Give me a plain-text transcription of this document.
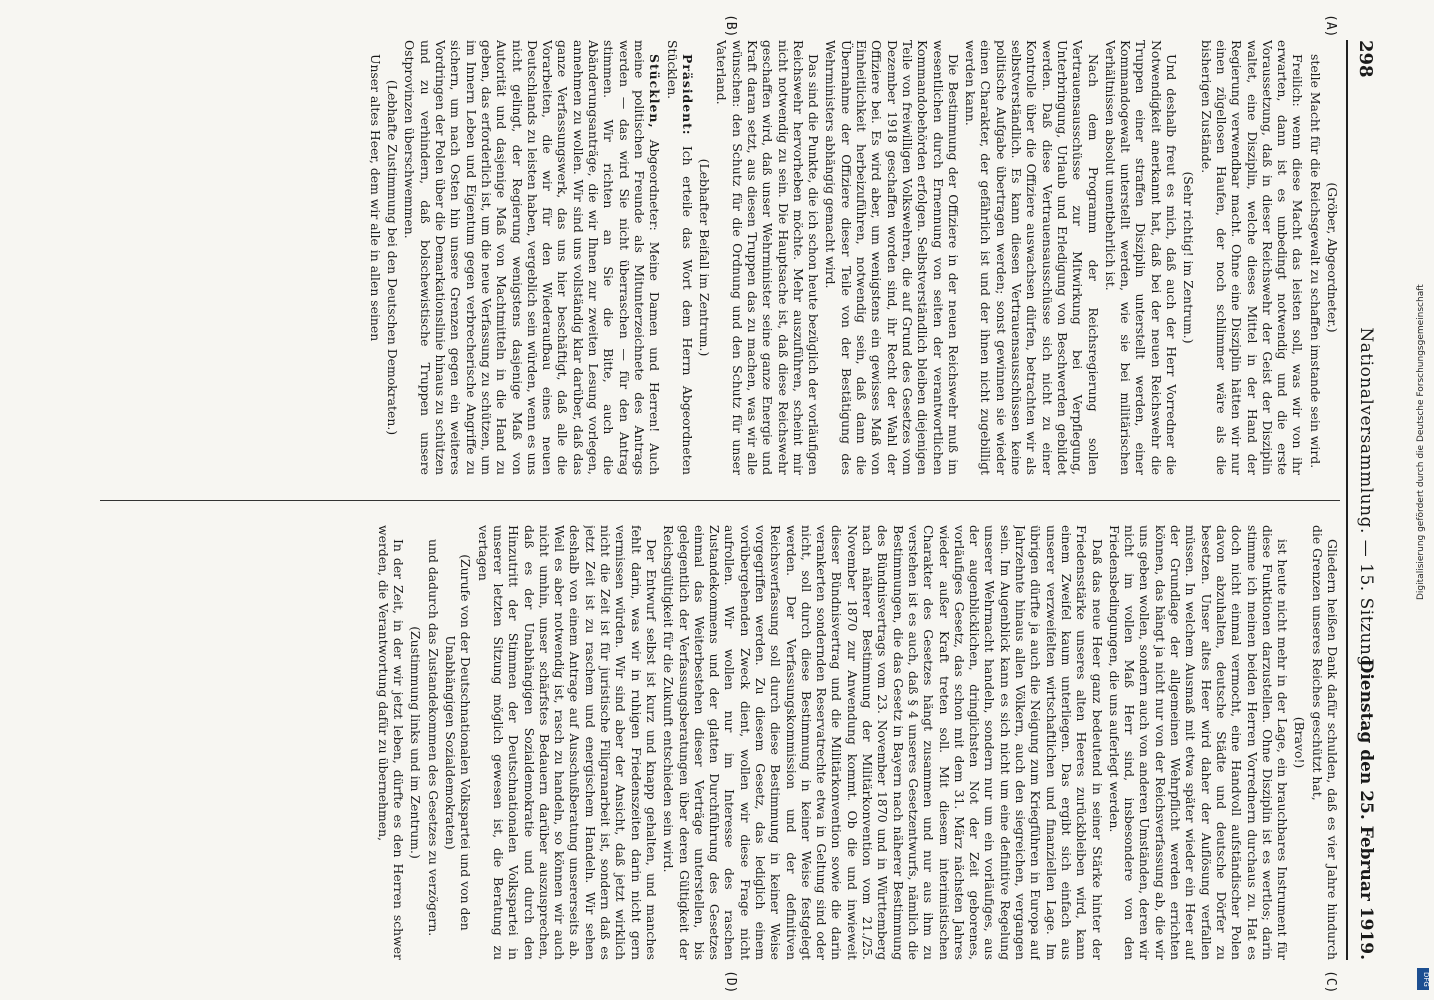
298
Nationalversammlung. — 15. Sitzung.
Dienstag den 25. Februar 1919.
(A)
(B)
(C)
(D)

(Gröber, Abgeordneter.)

stelle Macht für die Reichsgewalt zu schaffen imstande sein wird.

Freilich: wenn diese Macht das leisten soll, was wir von ihr erwarten, dann ist es unbedingt notwendig und die erste Voraussetzung, daß in dieser Reichswehr der Geist der Disziplin waltet, eine Disziplin, welche dieses Mittel in der Hand der Regierung verwendbar macht. Ohne eine Disziplin hätten wir nur einen zügellosen Haufen, der noch schlimmer wäre als die bisherigen Zustände.

(Sehr richtig! im Zentrum.)

Und deshalb freut es mich, daß auch der Herr Vorredner die Notwendigkeit anerkannt hat, daß bei der neuen Reichswehr die Truppen einer straffen Disziplin unterstellt werden, einer Kommandogewalt unterstellt werden, wie sie bei militärischen Verhältnissen absolut unentbehrlich ist.

Nach dem Programm der Reichsregierung sollen Vertrauensausschüsse zur Mitwirkung bei Verpflegung, Unterbringung, Urlaub und Erledigung von Beschwerden gebildet werden. Daß diese Vertrauensausschüsse sich nicht zu einer Kontrolle über die Offiziere auswachsen dürfen, betrachten wir als selbstverständlich. Es kann diesen Vertrauensausschüssen keine politische Aufgabe übertragen werden; sonst gewinnen sie wieder einen Charakter, der gefährlich ist und der ihnen nicht zugebilligt werden kann.

Die Bestimmung der Offiziere in der neuen Reichswehr muß im wesentlichen durch Ernennung von seiten der verantwortlichen Kommandobehörden erfolgen. Selbstverständlich bleiben diejenigen Teile von freiwilligen Volkswehren, die auf Grund des Gesetzes vom Dezember 1918 geschaffen worden sind, ihr Recht der Wahl der Offiziere bei. Es wird aber, um wenigstens ein gewisses Maß von Einheitlichkeit herbeizuführen, notwendig sein, daß dann die Übernahme der Offiziere dieser Teile von der Bestätigung des Wehrministers abhängig gemacht wird.

Das sind die Punkte, die ich schon heute bezüglich der vorläufigen Reichswehr hervorheben möchte. Mehr auszuführen, scheint mir nicht notwendig zu sein. Die Hauptsache ist, daß diese Reichswehr geschaffen wird, daß unser Wehrminister seine ganze Energie und Kraft daran setzt, aus diesen Truppen das zu machen, was wir alle wünschen: den Schutz für die Ordnung und den Schutz für unser Vaterland.

(Lebhafter Beifall im Zentrum.)

Präsident: Ich erteile das Wort dem Herrn Abgeordneten Stücklen.

Stücklen, Abgeordneter: Meine Damen und Herren! Auch meine politischen Freunde als Mitunterzeichnete des Antrags werden — das wird Sie nicht überraschen — für den Antrag stimmen. Wir richten an Sie die Bitte, auch die Abänderungsanträge, die wir Ihnen zur zweiten Lesung vorlegen, annehmen zu wollen. Wir sind uns vollständig klar darüber, daß das ganze Verfassungswerk, das uns hier beschäftigt, daß alle die Vorarbeiten, die wir für den Wiederaufbau eines neuen Deutschlands zu leisten haben, vergeblich sein würden, wenn es uns nicht gelingt, der Regierung wenigstens dasjenige Maß von Autorität und dasjenige Maß von Machtmitteln in die Hand zu geben, das erforderlich ist, um die neue Verfassung zu schützen, um im Innern Leben und Eigentum gegen verbrecherische Angriffe zu sichern, um nach Osten hin unsere Grenzen gegen ein weiteres Vordringen der Polen über die Demarkationslinie hinaus zu schützen und zu verhindern, daß bolschewistische Truppen unsere Ostprovinzen überschwemmen.

(Lebhafte Zustimmung bei den Deutschen Demokraten.)

Unser altes Heer, dem wir alle in allen seinen

Gliedern heißen Dank dafür schulden, daß es vier Jahre hindurch die Grenzen unseres Reiches geschützt hat,

(Bravo!)

ist heute nicht mehr in der Lage, ein brauchbares Instrument für diese Funktionen darzustellen. Ohne Disziplin ist es wertlos; darin stimme ich meinen beiden Herren Vorrednern durchaus zu. Hat es doch nicht einmal vermocht, eine Handvoll aufständischer Polen davon abzuhalten, deutsche Städte und deutsche Dörfer zu besetzen. Unser altes Heer wird daher der Auflösung verfallen müssen. In welchem Ausmaß mit etwa später wieder ein Heer auf der Grundlage der allgemeinen Wehrpflicht werden errichten können, das hängt ja nicht nur von der Reichsverfassung ab, die wir uns geben wollen, sondern auch von anderen Umständen, deren wir nicht im vollen Maß Herr sind, insbesondere von den Friedensbedingungen, die uns auferlegt werden.

Daß das neue Heer ganz bedeutend in seiner Stärke hinter der Friedensstärke unseres alten Heeres zurückbleiben wird, kann einem Zweifel kaum unterliegen. Das ergibt sich einfach aus unserer verzweifelten wirtschaftlichen und finanziellen Lage. Im übrigen dürfte ja auch die Neigung zum Kriegführen in Europa auf Jahrzehnte hinaus allen Völkern, auch den siegreichen, vergangen sein. Im Augenblick kann es sich nicht um eine definitive Regelung unserer Wehrmacht handeln, sondern nur um ein vorläufiges, aus der augenblicklichen, dringlichsten Not der Zeit geborenes, vorläufiges Gesetz, das schon mit dem 31. März nächsten Jahres wieder außer Kraft treten soll. Mit diesem interimistischen Charakter des Gesetzes hängt zusammen und nur aus ihm zu verstehen ist es auch, daß § 4 unseres Gesetzentwurfs, nämlich die Bestimmungen, die das Gesetz in Bayern nach näherer Bestimmung des Bündnisvertrags vom 23. November 1870 und in Württemberg nach näherer Bestimmung der Militärkonvention vom 21./25. November 1870 zur Anwendung kommt. Ob die und inwieweit dieser Bündnisvertrag und die Militärkonvention sowie die darin verankerten sondernden Reservatrechte etwa in Geltung sind oder nicht, soll durch diese Bestimmung in keiner Weise festgelegt werden. Der Verfassungskommission und der definitiven Reichsverfassung soll durch diese Bestimmung in keiner Weise vorgegriffen werden. Zu diesem Gesetz, das lediglich einem vorübergehenden Zweck dient, wollen wir diese Frage nicht aufrollen. Wir wollen nur im Interesse des raschen Zustandekommens und der glatten Durchführung des Gesetzes einmal das Weiterbestehen dieser Verträge unterstellen, bis gelegentlich der Verfassungsberatungen über deren Gültigkeit der Reichsgültigkeit für die Zukunft entschieden sein wird.

Der Entwurf selbst ist kurz und knapp gehalten, und manches fehlt darin, was wir in ruhigen Friedenszeiten darin nicht gern vermissen würden. Wir sind aber der Ansicht, daß jetzt wirklich nicht die Zeit ist für juristische Filigranarbeit ist, sondern daß es jetzt Zeit ist zu raschem und energischem Handeln. Wir sehen deshalb von einem Antrage auf Ausschußberatung unsererseits ab. Weil es aber notwendig ist, rasch zu handeln, so können wir auch nicht umhin, unser schärfstes Bedauern darüber auszusprechen, daß es der Unabhängigen Sozialdemokratie und durch den Hinzutritt der Stimmen der Deutschnationalen Volkspartei in unserer letzten Sitzung möglich gewesen ist, die Beratung zu vertagen

(Zurufe von der Deutschnationalen Volkspartei und von den Unabhängigen Sozialdemokraten)

und dadurch das Zustandekommen des Gesetzes zu verzögern.

(Zustimmung links und im Zentrum.)

In der Zeit, in der wir jetzt leben, dürfte es den Herren schwer werden, die Verantwortung dafür zu übernehmen,

Digitalisierung gefördert durch die Deutsche Forschungsgemeinschaft
DFG
